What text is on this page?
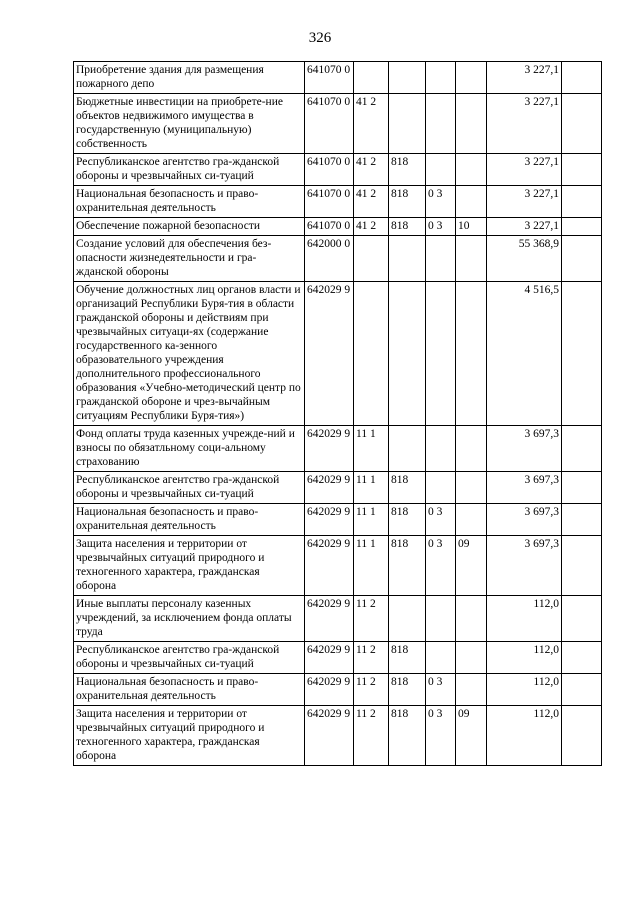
326
Приобретение здания для размещения пожарного депо	641070 0					3 227,1	
Бюджетные инвестиции на приобрете-ние объектов недвижимого имущества в государственную (муниципальную) собственность	641070 0	41 2				3 227,1	
Республиканское агентство гра-жданской обороны и чрезвычайных си-туаций	641070 0	41 2	818			3 227,1	
Национальная безопасность и право-охранительная деятельность	641070 0	41 2	818	0 3		3 227,1	
Обеспечение пожарной безопасности	641070 0	41 2	818	0 3	10	3 227,1	
Создание условий для обеспечения без-опасности жизнедеятельности и гра-жданской обороны	642000 0					55 368,9	
Обучение должностных лиц органов власти и организаций Республики Буря-тия в области гражданской обороны и действиям при чрезвычайных ситуаци-ях (содержание государственного ка-зенного образовательного учреждения дополнительного профессионального образования «Учебно-методический центр по гражданской обороне и чрез-вычайным ситуациям Республики Буря-тия»)	642029 9					4 516,5	
Фонд оплаты труда казенных учрежде-ний и взносы по обязатльному соци-альному страхованию	642029 9	11 1				3 697,3	
Республиканское агентство гра-жданской обороны и чрезвычайных си-туаций	642029 9	11 1	818			3 697,3	
Национальная безопасность и право-охранительная деятельность	642029 9	11 1	818	0 3		3 697,3	
Защита населения и территории от чрезвычайных ситуаций природного и техногенного характера, гражданская оборона	642029 9	11 1	818	0 3	09	3 697,3	
Иные выплаты персоналу казенных учреждений, за исключением фонда оплаты труда	642029 9	11 2				112,0	
Республиканское агентство гра-жданской обороны и чрезвычайных си-туаций	642029 9	11 2	818			112,0	
Национальная безопасность и право-охранительная деятельность	642029 9	11 2	818	0 3		112,0	
Защита населения и территории от чрезвычайных ситуаций природного и техногенного характера, гражданская оборона	642029 9	11 2	818	0 3	09	112,0	
